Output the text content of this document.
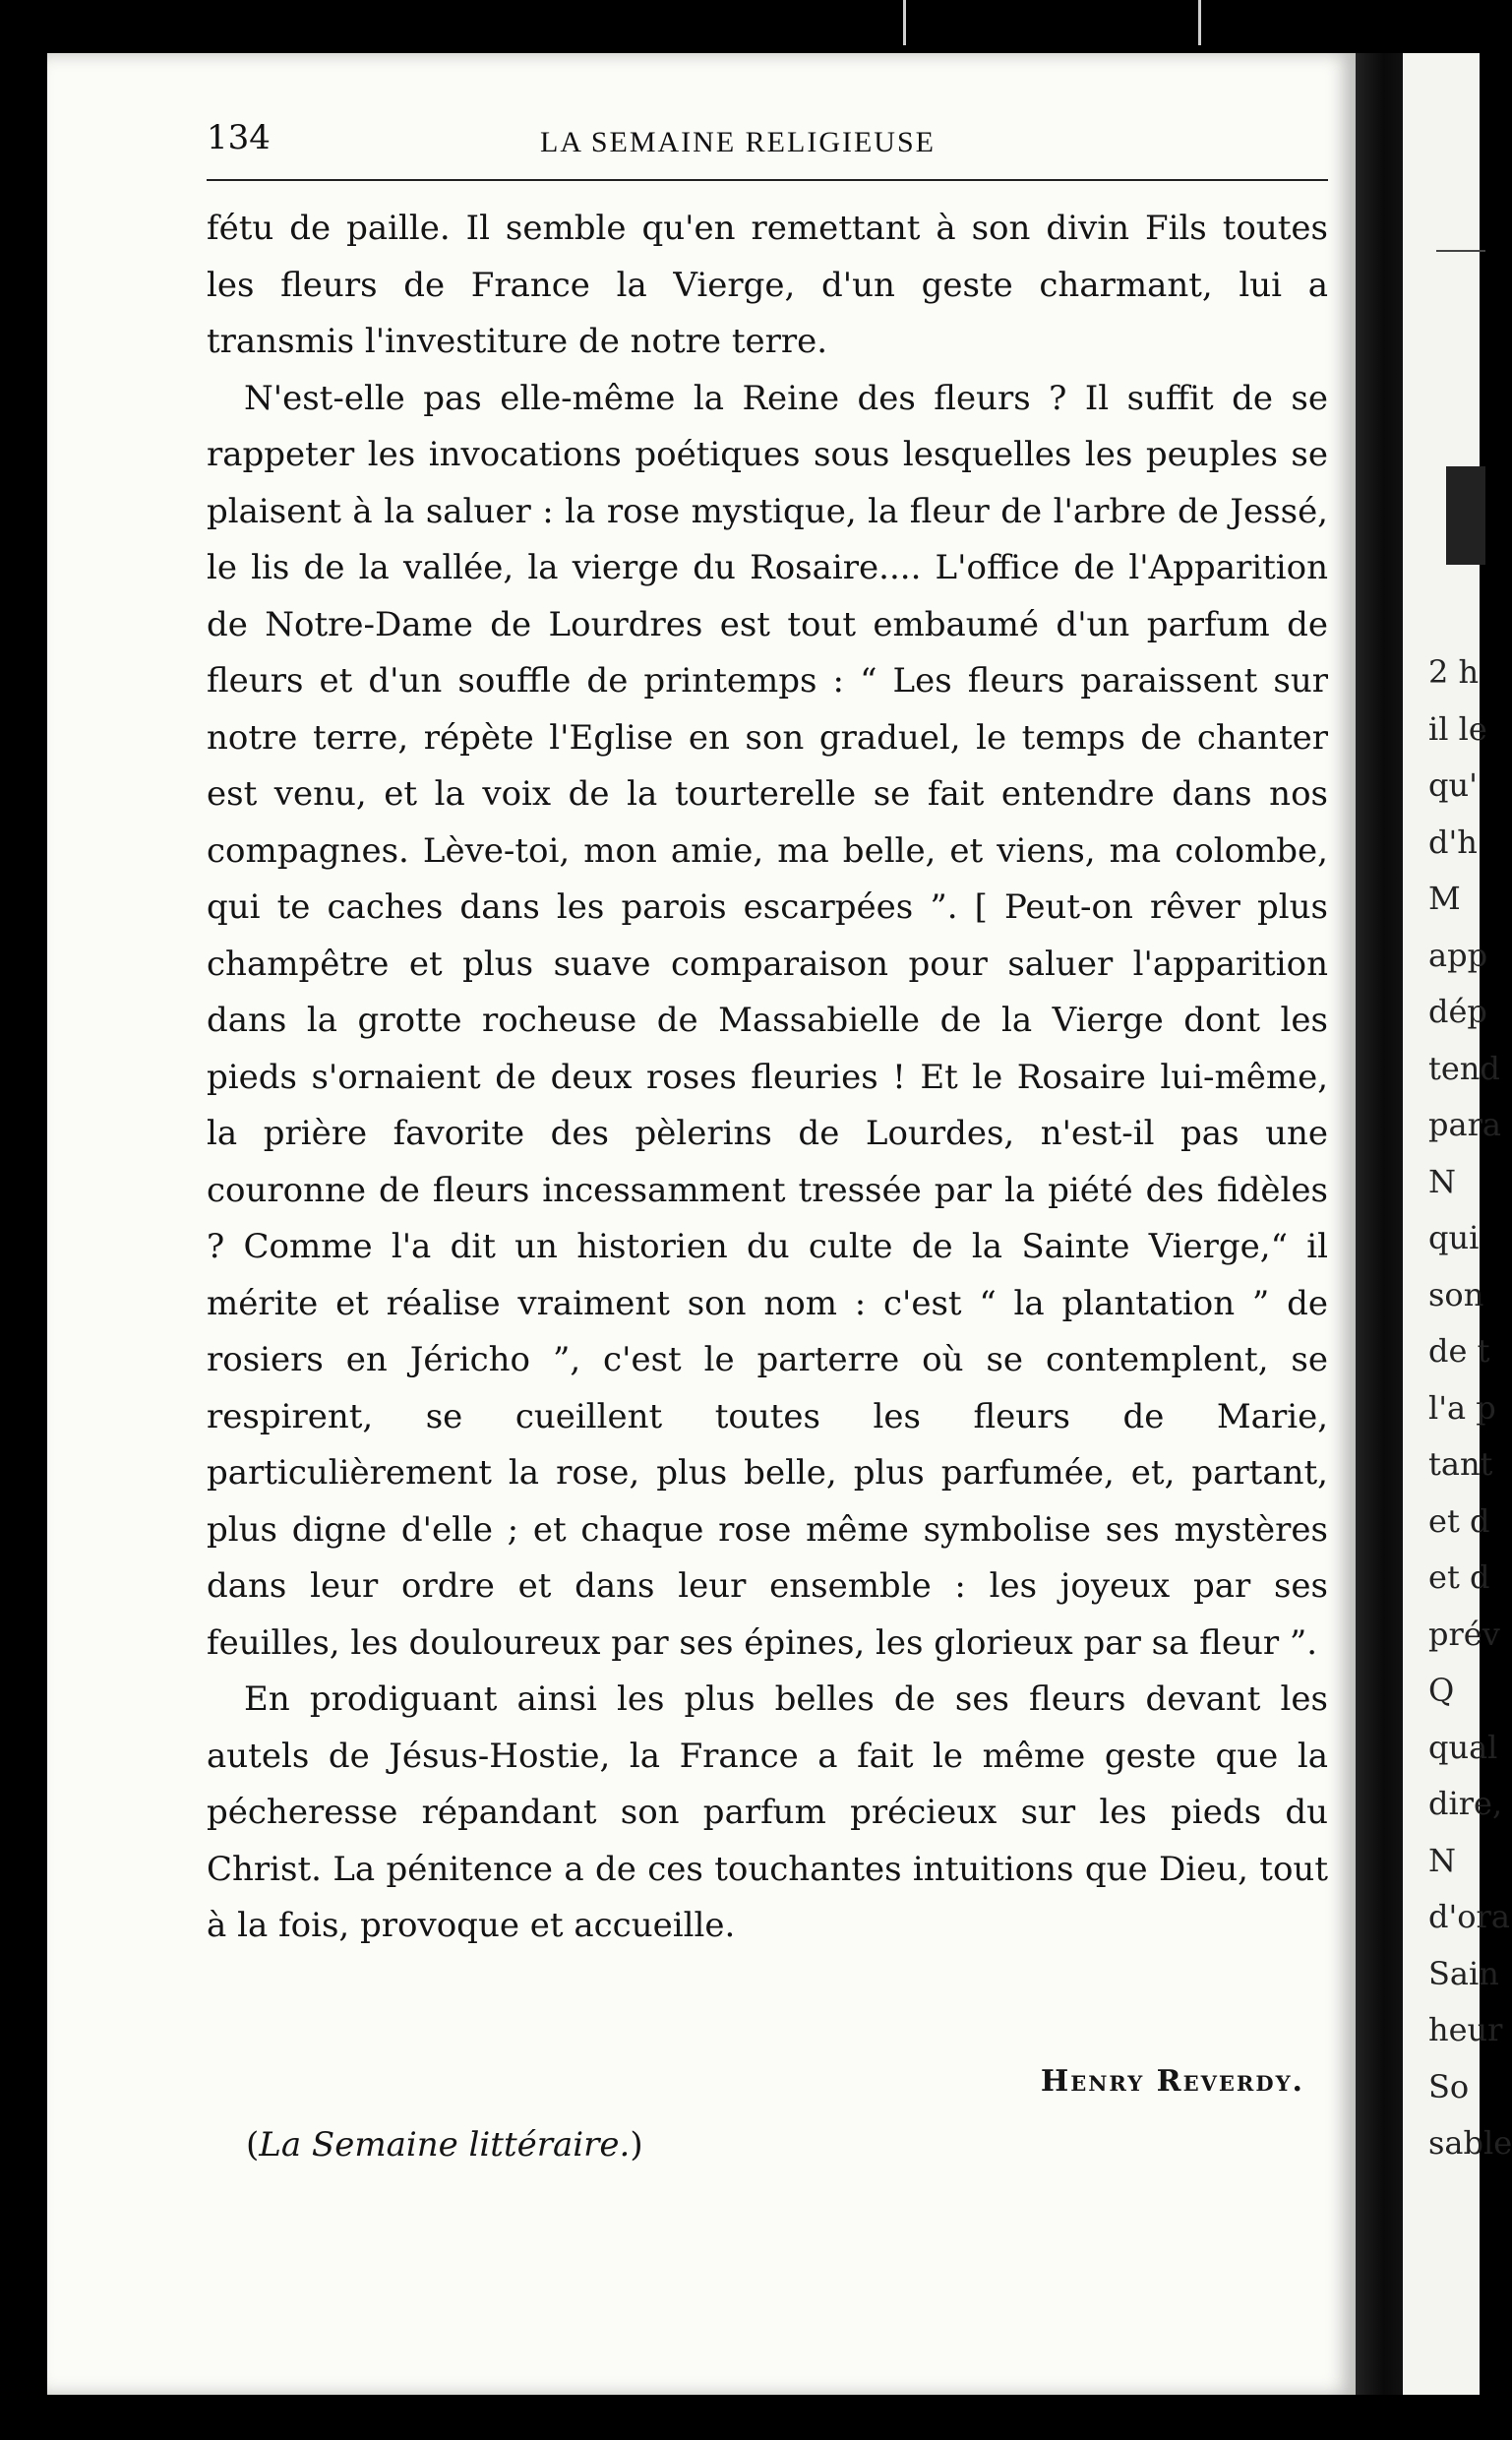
134	LA SEMAINE RELIGIEUSE

fétu de paille. Il semble qu'en remettant à son divin Fils toutes les fleurs de France la Vierge, d'un geste charmant, lui a transmis l'investiture de notre terre.

N'est-elle pas elle-même la Reine des fleurs ? Il suffit de se rappeter les invocations poétiques sous lesquelles les peuples se plaisent à la saluer : la rose mystique, la fleur de l'arbre de Jessé, le lis de la vallée, la vierge du Rosaire.... L'office de l'Apparition de Notre-Dame de Lourdres est tout embaumé d'un parfum de fleurs et d'un souffle de printemps : “ Les fleurs paraissent sur notre terre, répète l'Eglise en son graduel, le temps de chanter est venu, et la voix de la tourterelle se fait entendre dans nos compagnes. Lève-toi, mon amie, ma belle, et viens, ma colombe, qui te caches dans les parois escarpées ”. [ Peut-on rêver plus champêtre et plus suave comparaison pour saluer l'apparition dans la grotte rocheuse de Massabielle de la Vierge dont les pieds s'ornaient de deux roses fleuries ! Et le Rosaire lui-même, la prière favorite des pèlerins de Lourdes, n'est-il pas une couronne de fleurs incessamment tressée par la piété des fidèles ? Comme l'a dit un historien du culte de la Sainte Vierge,“ il mérite et réalise vraiment son nom : c'est “ la plantation ” de rosiers en Jéricho ”, c'est le parterre où se contemplent, se respirent, se cueillent toutes les fleurs de Marie, particulièrement la rose, plus belle, plus parfumée, et, partant, plus digne d'elle ; et chaque rose même symbolise ses mystères dans leur ordre et dans leur ensemble : les joyeux par ses feuilles, les douloureux par ses épines, les glorieux par sa fleur ”.

En prodiguant ainsi les plus belles de ses fleurs devant les autels de Jésus-Hostie, la France a fait le même geste que la pécheresse répandant son parfum précieux sur les pieds du Christ. La pénitence a de ces touchantes intuitions que Dieu, tout à la fois, provoque et accueille.

Henry Reverdy.
(La Semaine littéraire.)
2 h
il le
qu'
d'h
M
app
dép
tend
para
N
qui
son
de t
l'a p
tant
et d
et d
prév
Q
qual
dire,
N
d'ora
Sain
heur
So
sable
